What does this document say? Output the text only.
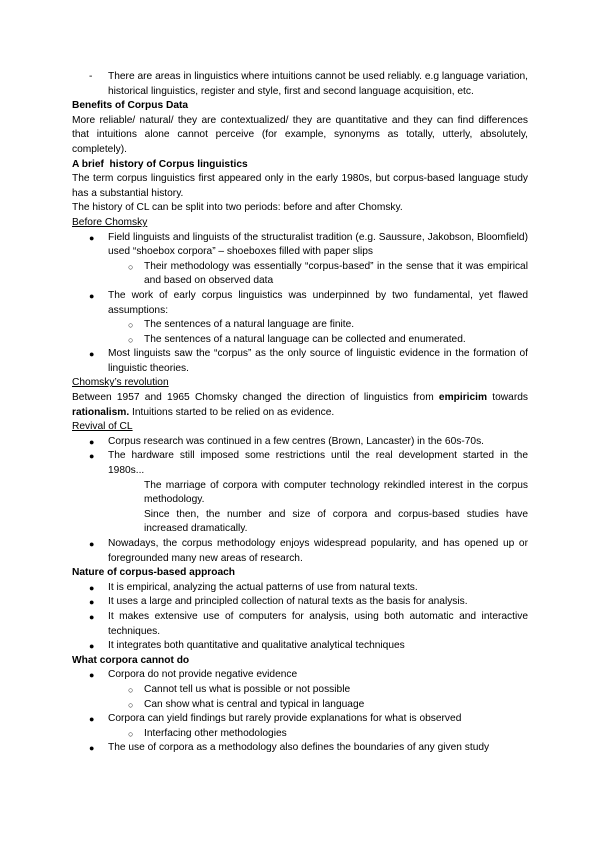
- There are areas in linguistics where intuitions cannot be used reliably. e.g language variation, historical linguistics, register and style, first and second language acquisition, etc.

Benefits of Corpus Data

More reliable/ natural/ they are contextualized/ they are quantitative and they can find differences that intuitions alone cannot perceive (for example, synonyms as totally, utterly, absolutely, completely).

A brief  history of Corpus linguistics

The term corpus linguistics first appeared only in the early 1980s, but corpus-based language study has a substantial history.

The history of CL can be split into two periods: before and after Chomsky.

Before Chomsky

● Field linguists and linguists of the structuralist tradition (e.g. Saussure, Jakobson, Bloomfield) used “shoebox corpora” – shoeboxes filled with paper slips
○ Their methodology was essentially “corpus-based” in the sense that it was empirical and based on observed data
● The work of early corpus linguistics was underpinned by two fundamental, yet flawed assumptions:
○ The sentences of a natural language are finite.
○ The sentences of a natural language can be collected and enumerated.
● Most linguists saw the “corpus” as the only source of linguistic evidence in the formation of linguistic theories.

Chomsky’s revolution

Between 1957 and 1965 Chomsky changed the direction of linguistics from empiricim towards rationalism. Intuitions started to be relied on as evidence.

Revival of CL

● Corpus research was continued in a few centres (Brown, Lancaster) in the 60s-70s.
● The hardware still imposed some restrictions until the real development started in the 1980s...

The marriage of corpora with computer technology rekindled interest in the corpus methodology.

Since then, the number and size of corpora and corpus-based studies have increased dramatically.

● Nowadays, the corpus methodology enjoys widespread popularity, and has opened up or foregrounded many new areas of research.

Nature of corpus-based approach

● It is empirical, analyzing the actual patterns of use from natural texts.
● It uses a large and principled collection of natural texts as the basis for analysis.
● It makes extensive use of computers for analysis, using both automatic and interactive techniques.
● It integrates both quantitative and qualitative analytical techniques

What corpora cannot do

● Corpora do not provide negative evidence
○ Cannot tell us what is possible or not possible
○ Can show what is central and typical in language
● Corpora can yield findings but rarely provide explanations for what is observed
○ Interfacing other methodologies
● The use of corpora as a methodology also defines the boundaries of any given study
